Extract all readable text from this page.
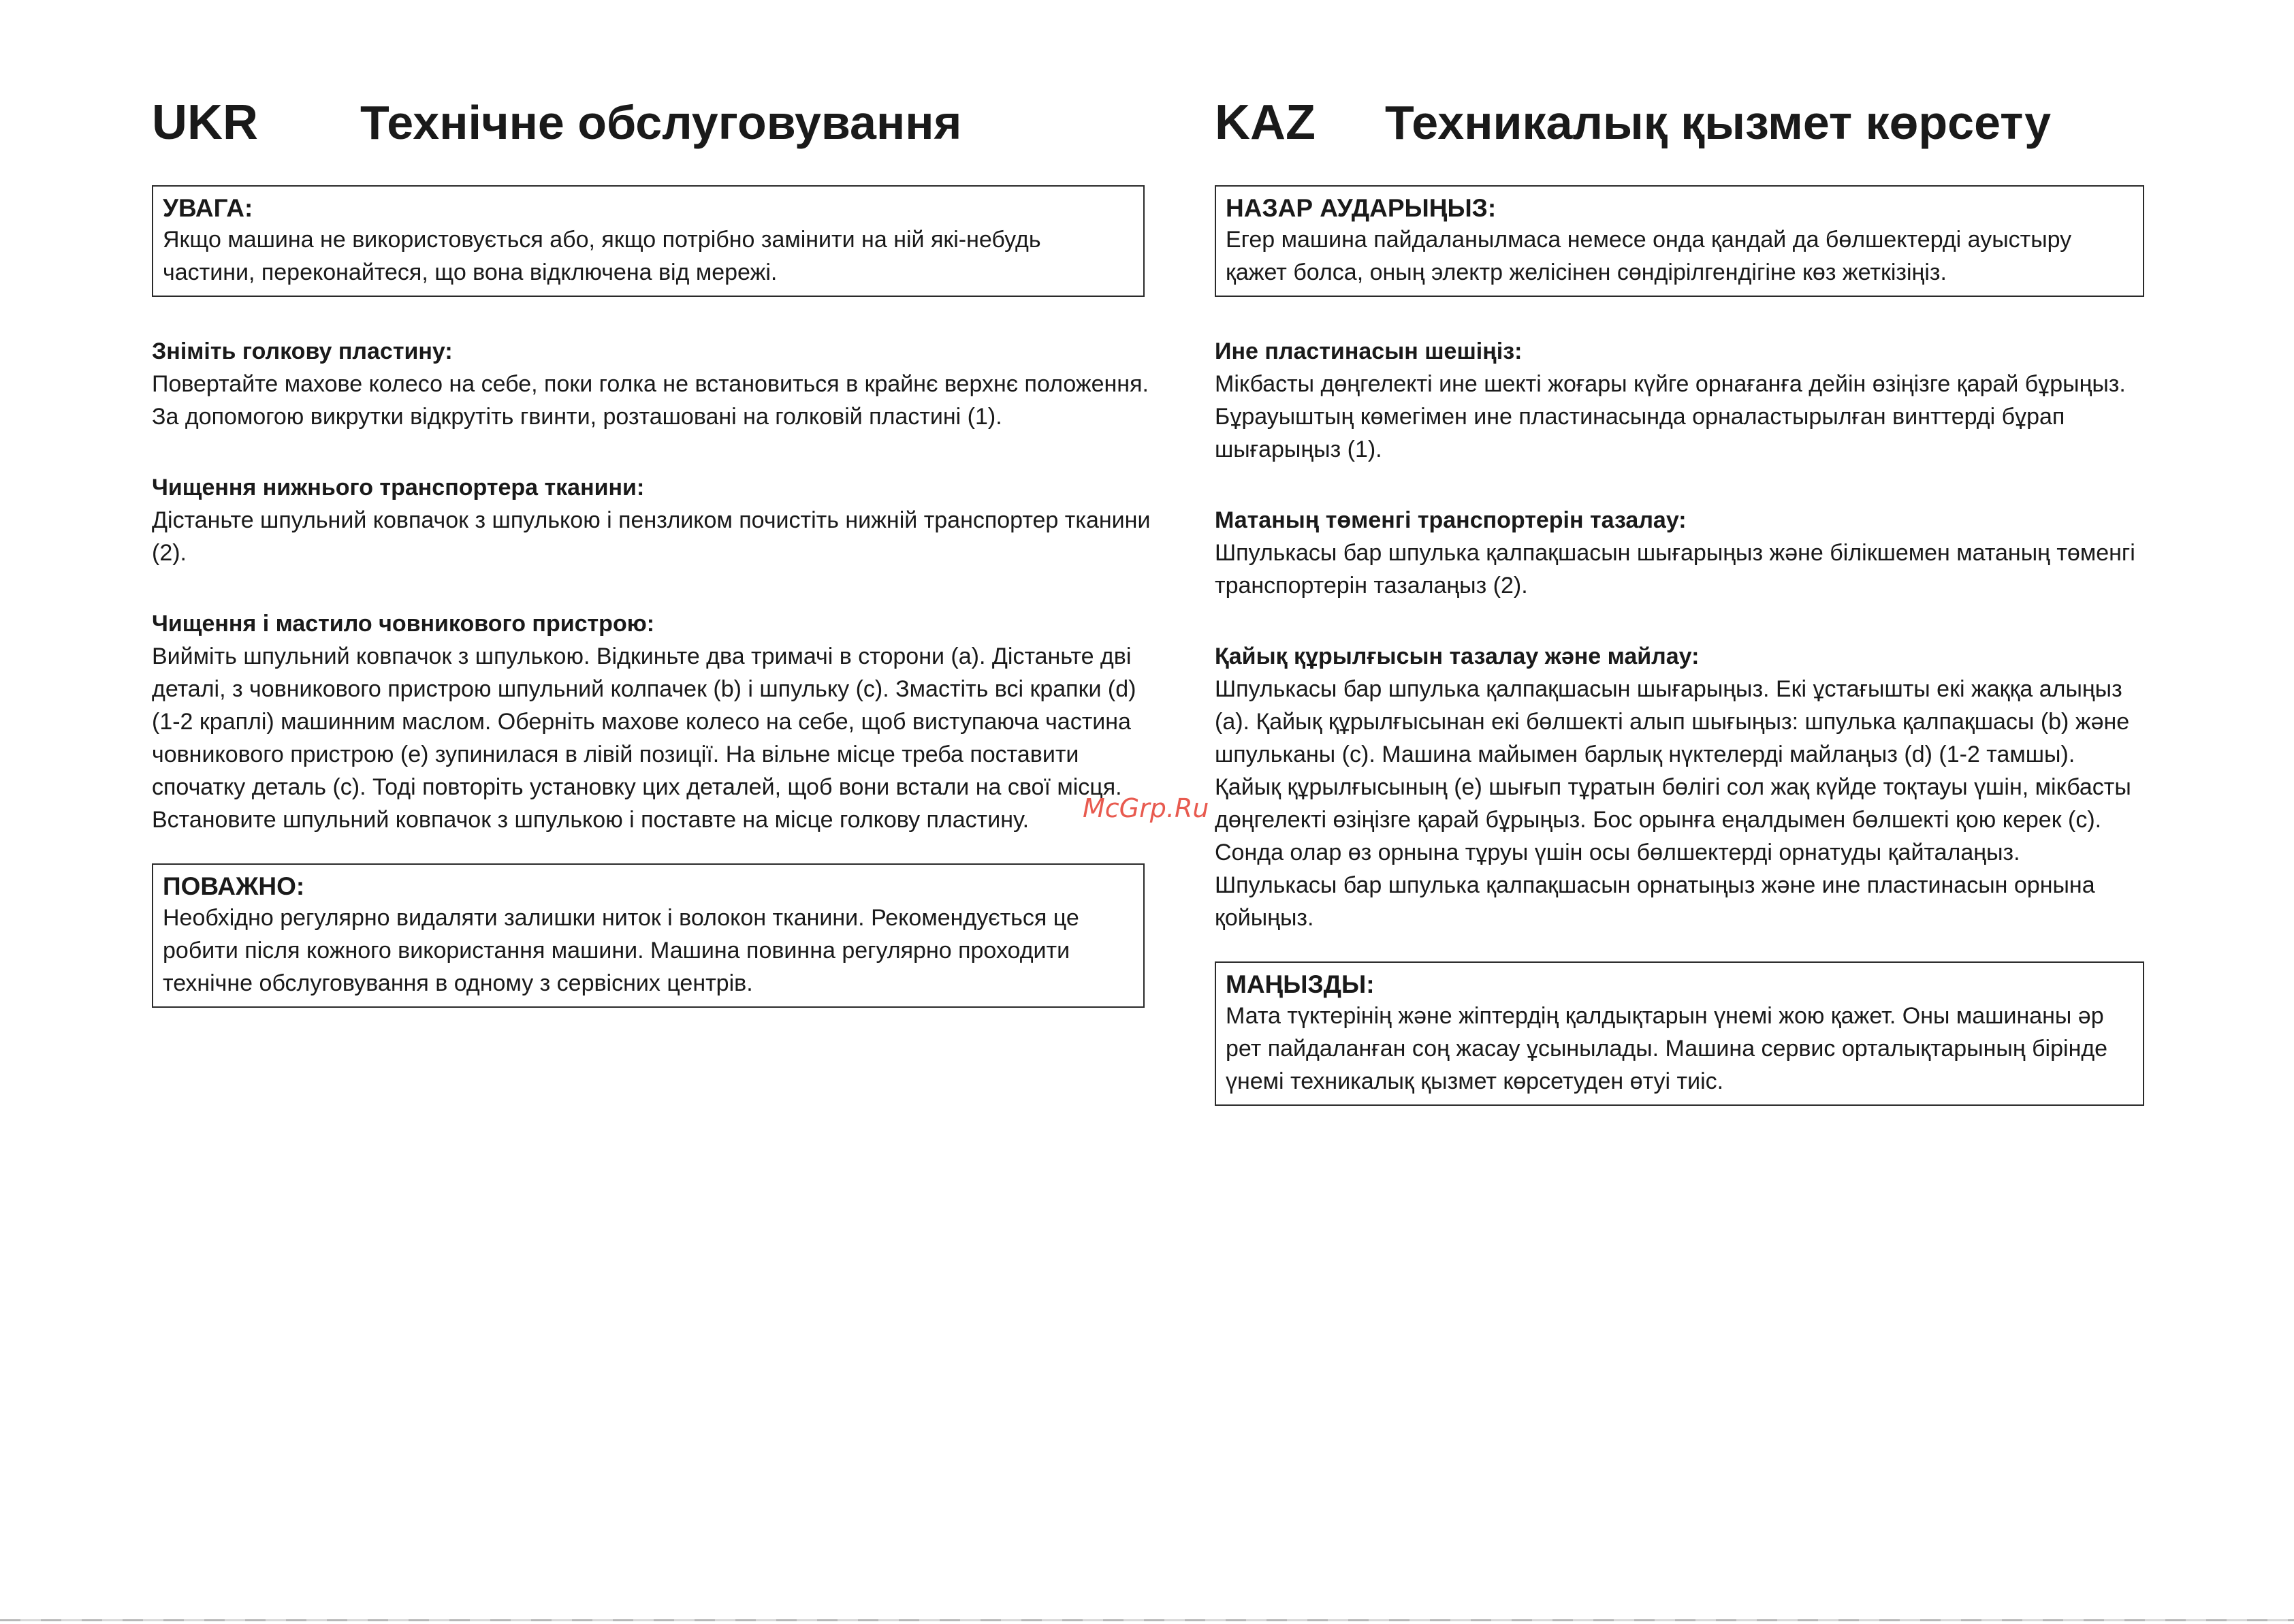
UKR Технічне обслуговування
УВАГА:
Якщо машина не використовується або, якщо потрібно замінити на ній які-небудь частини, переконайтеся, що вона відключена від мережі.
Зніміть голкову пластину:
Повертайте махове колесо на себе, поки голка не встановиться в крайнє верхнє положення. За допомогою викрутки відкрутіть гвинти, розташовані на голковій пластині (1).
Чищення нижнього транспортера тканини:
Дістаньте шпульний ковпачок з шпулькою і пензликом почистіть нижній транспортер тканини (2).
Чищення і мастило човникового пристрою:
Вийміть шпульний ковпачок з шпулькою. Відкиньте два тримачі в сторони (a). Дістаньте дві деталі, з човникового пристрою шпульний колпачек (b) і шпульку (c). Змастіть всі крапки (d) (1-2 краплі) машинним маслом. Оберніть махове колесо на себе, щоб виступаюча частина човникового пристрою (e) зупинилася в лівій позиції. На вільне місце треба поставити спочатку деталь (c). Тоді повторіть установку цих деталей, щоб вони встали на свої місця. Встановите шпульний ковпачок з шпулькою і поставте на місце голкову пластину.
ПОВАЖНО:
Необхідно регулярно видаляти залишки ниток і волокон тканини. Рекомендується це робити після кожного використання машини. Машина повинна регулярно проходити технічне обслуговування в одному з сервісних центрів.
KAZ Техникалық қызмет көрсету
НАЗАР АУДАРЫҢЫЗ:
Егер машина пайдаланылмаса немесе онда қандай да бөлшектерді ауыстыру қажет болса, оның электр желісінен сөндірілгендігіне көз жеткізіңіз.
Ине пластинасын шешіңіз:
Мікбасты дөңгелекті ине шекті жоғары күйге орнағанға дейін өзіңізге қарай бұрыңыз. Бұрауыштың көмегімен ине пластинасында орналастырылған винттерді бұрап шығарыңыз (1).
Матаның төменгі транспортерін тазалау:
Шпулькасы бар шпулька қалпақшасын шығарыңыз және білікшемен матаның төменгі транспортерін тазалаңыз (2).
Қайық құрылғысын тазалау және майлау:
Шпулькасы бар шпулька қалпақшасын шығарыңыз. Екі ұстағышты екі жаққа алыңыз (a). Қайық құрылғысынан екі бөлшекті алып шығыңыз: шпулька қалпақшасы (b) және шпульканы (c). Машина майымен барлық нүктелерді майлаңыз (d) (1-2 тамшы). Қайық құрылғысының (e) шығып тұратын бөлігі сол жақ күйде тоқтауы үшін, мікбасты дөңгелекті өзіңізге қарай бұрыңыз. Бос орынға еңалдымен бөлшекті қою керек (c). Сонда олар өз орнына тұруы үшін осы бөлшектерді орнатуды қайталаңыз. Шпулькасы бар шпулька қалпақшасын орнатыңыз және ине пластинасын орнына қойыңыз.
МАҢЫЗДЫ:
Мата түктерінің және жіптердің қалдықтарын үнемі жою қажет. Оны машинаны әр рет пайдаланған соң жасау ұсынылады. Машина сервис орталықтарының бірінде үнемі техникалық қызмет көрсетуден өтуі тиіс.
McGrp.Ru
